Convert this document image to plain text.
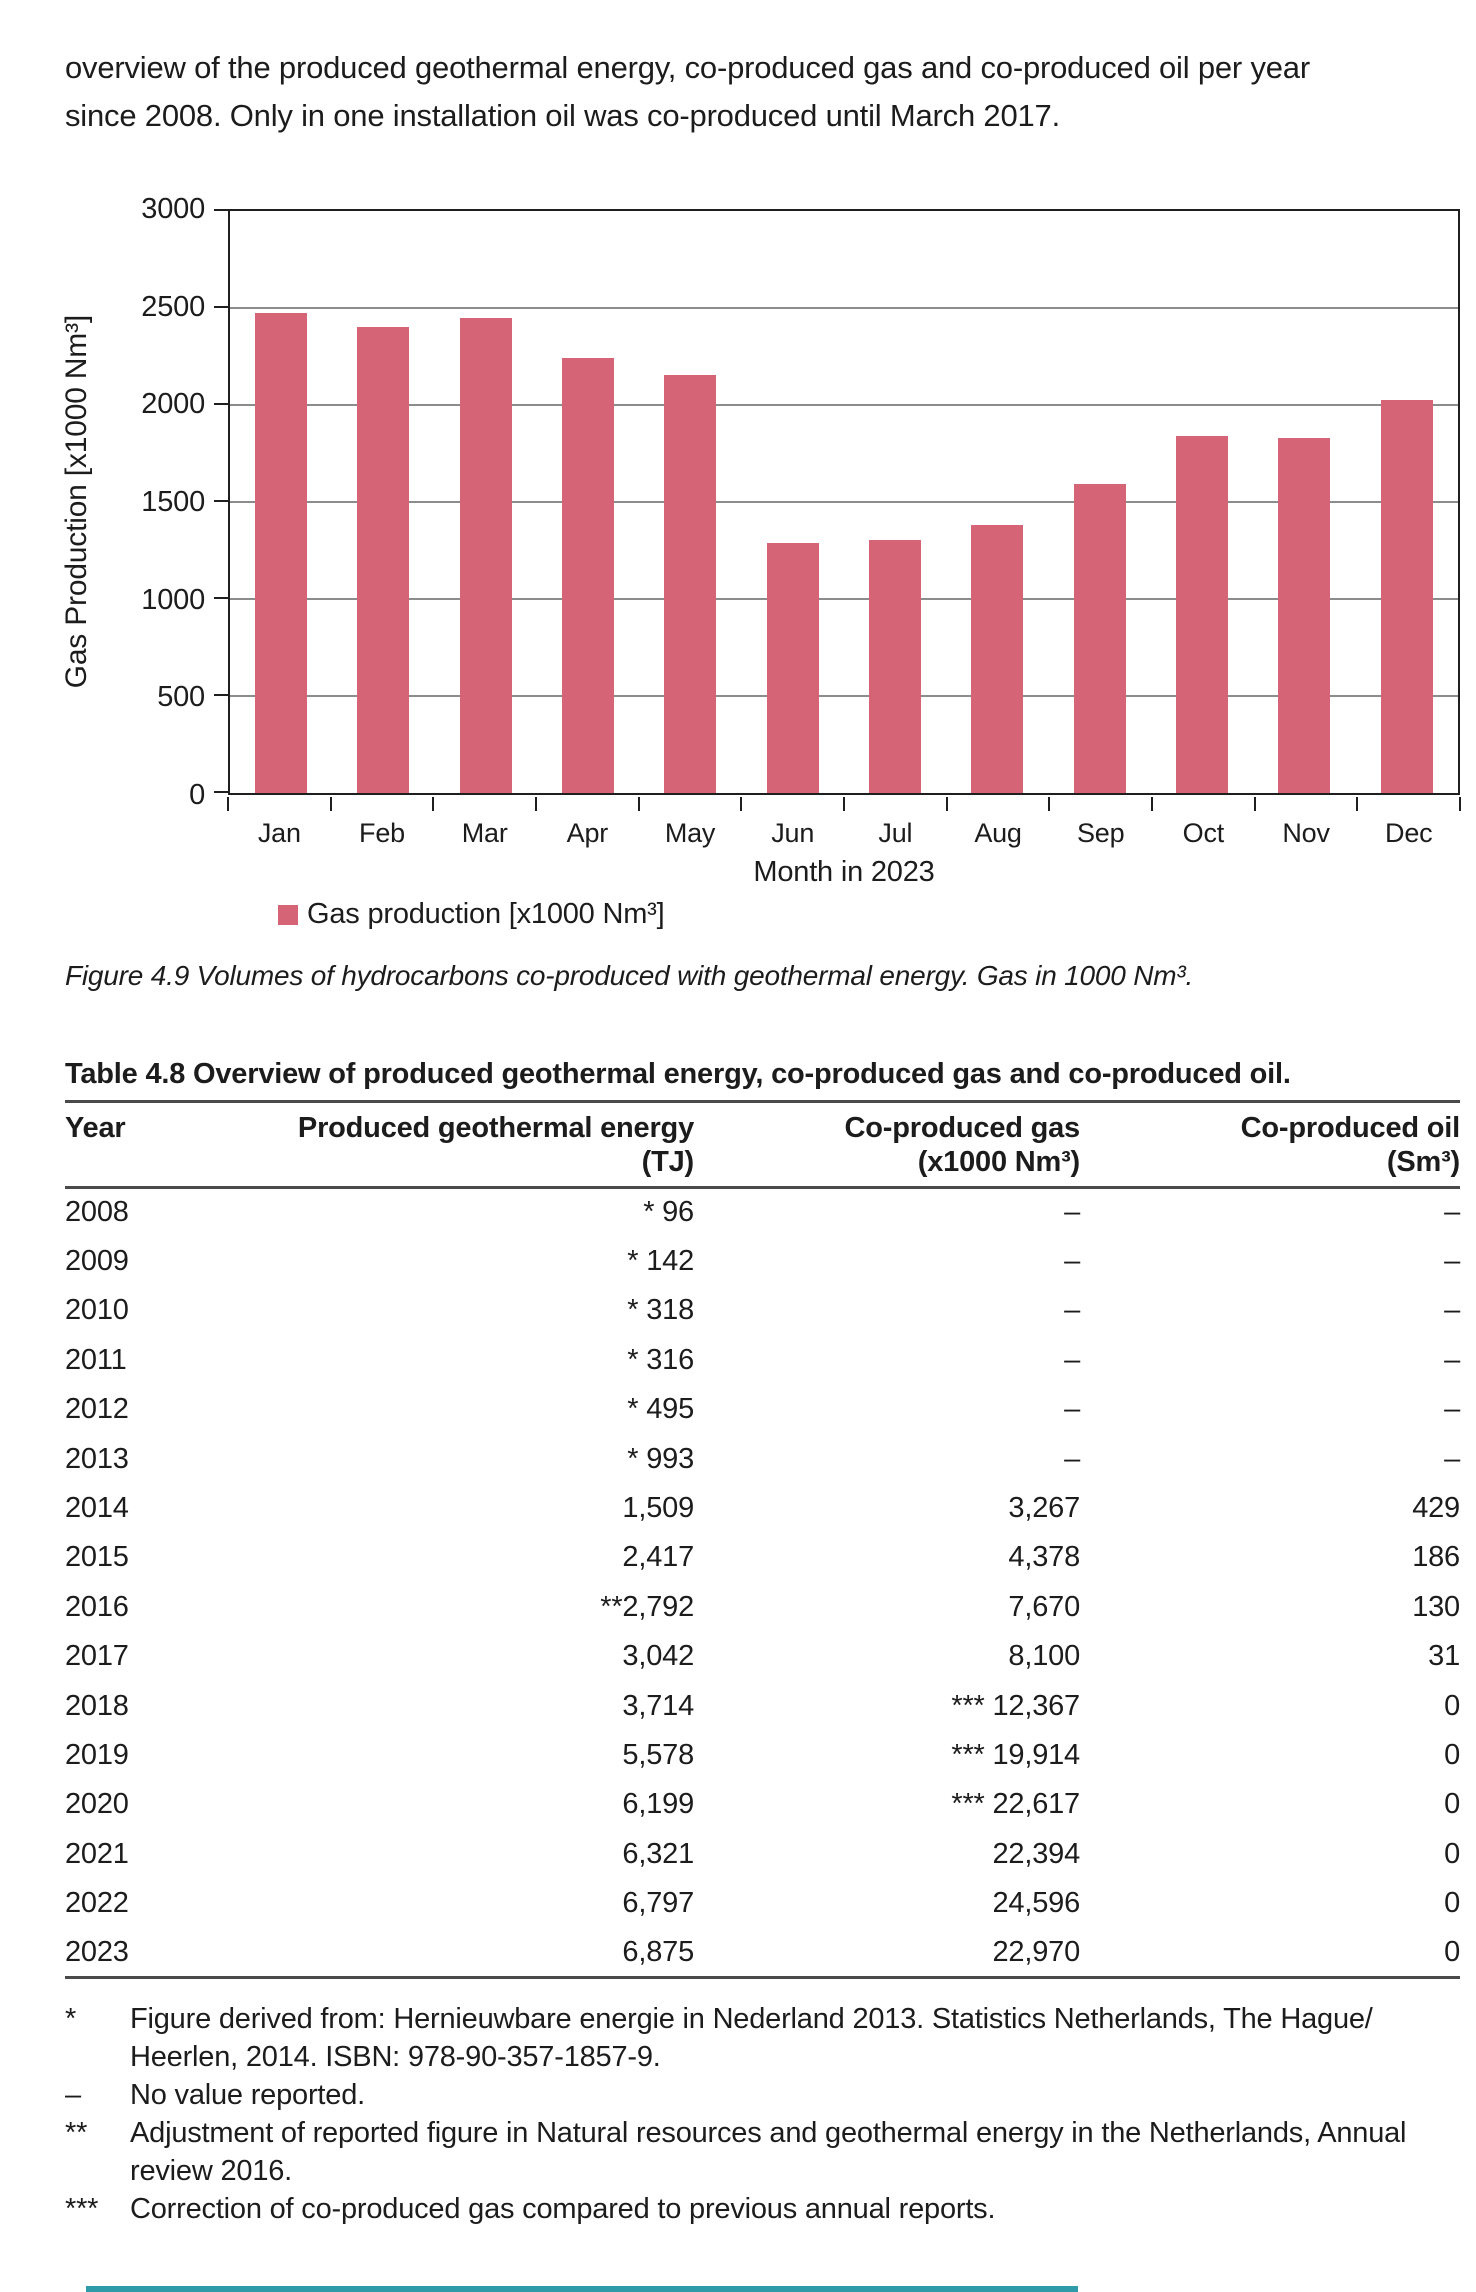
overview of the produced geothermal energy, co-produced gas and co-produced oil per year
since 2008. Only in one installation oil was co-produced until March 2017.
Gas Production [x1000 Nm³]
0
500
1000
1500
2000
2500
3000
Jan	Feb	Mar	Apr	May	Jun	Jul	Aug	Sep	Oct	Nov	Dec
Month in 2023
Gas production [x1000 Nm³]
Figure 4.9 Volumes of hydrocarbons co-produced with geothermal energy. Gas in 1000 Nm³.
Table 4.8 Overview of produced geothermal energy, co-produced gas and co-produced oil.
Year	Produced geothermal energy	Co-produced gas	Co-produced oil
	(TJ)	(x1000 Nm³)	(Sm³)
2008	* 96	–	–
2009	* 142	–	–
2010	* 318	–	–
2011	* 316	–	–
2012	* 495	–	–
2013	* 993	–	–
2014	1,509	3,267	429
2015	2,417	4,378	186
2016	**2,792	7,670	130
2017	3,042	8,100	31
2018	3,714	*** 12,367	0
2019	5,578	*** 19,914	0
2020	6,199	*** 22,617	0
2021	6,321	22,394	0
2022	6,797	24,596	0
2023	6,875	22,970	0
*	Figure derived from: Hernieuwbare energie in Nederland 2013. Statistics Netherlands, The Hague/
Heerlen, 2014. ISBN: 978-90-357-1857-9.
–	No value reported.
**	Adjustment of reported figure in Natural resources and geothermal energy in the Netherlands, Annual
review 2016.
***	Correction of co-produced gas compared to previous annual reports.
